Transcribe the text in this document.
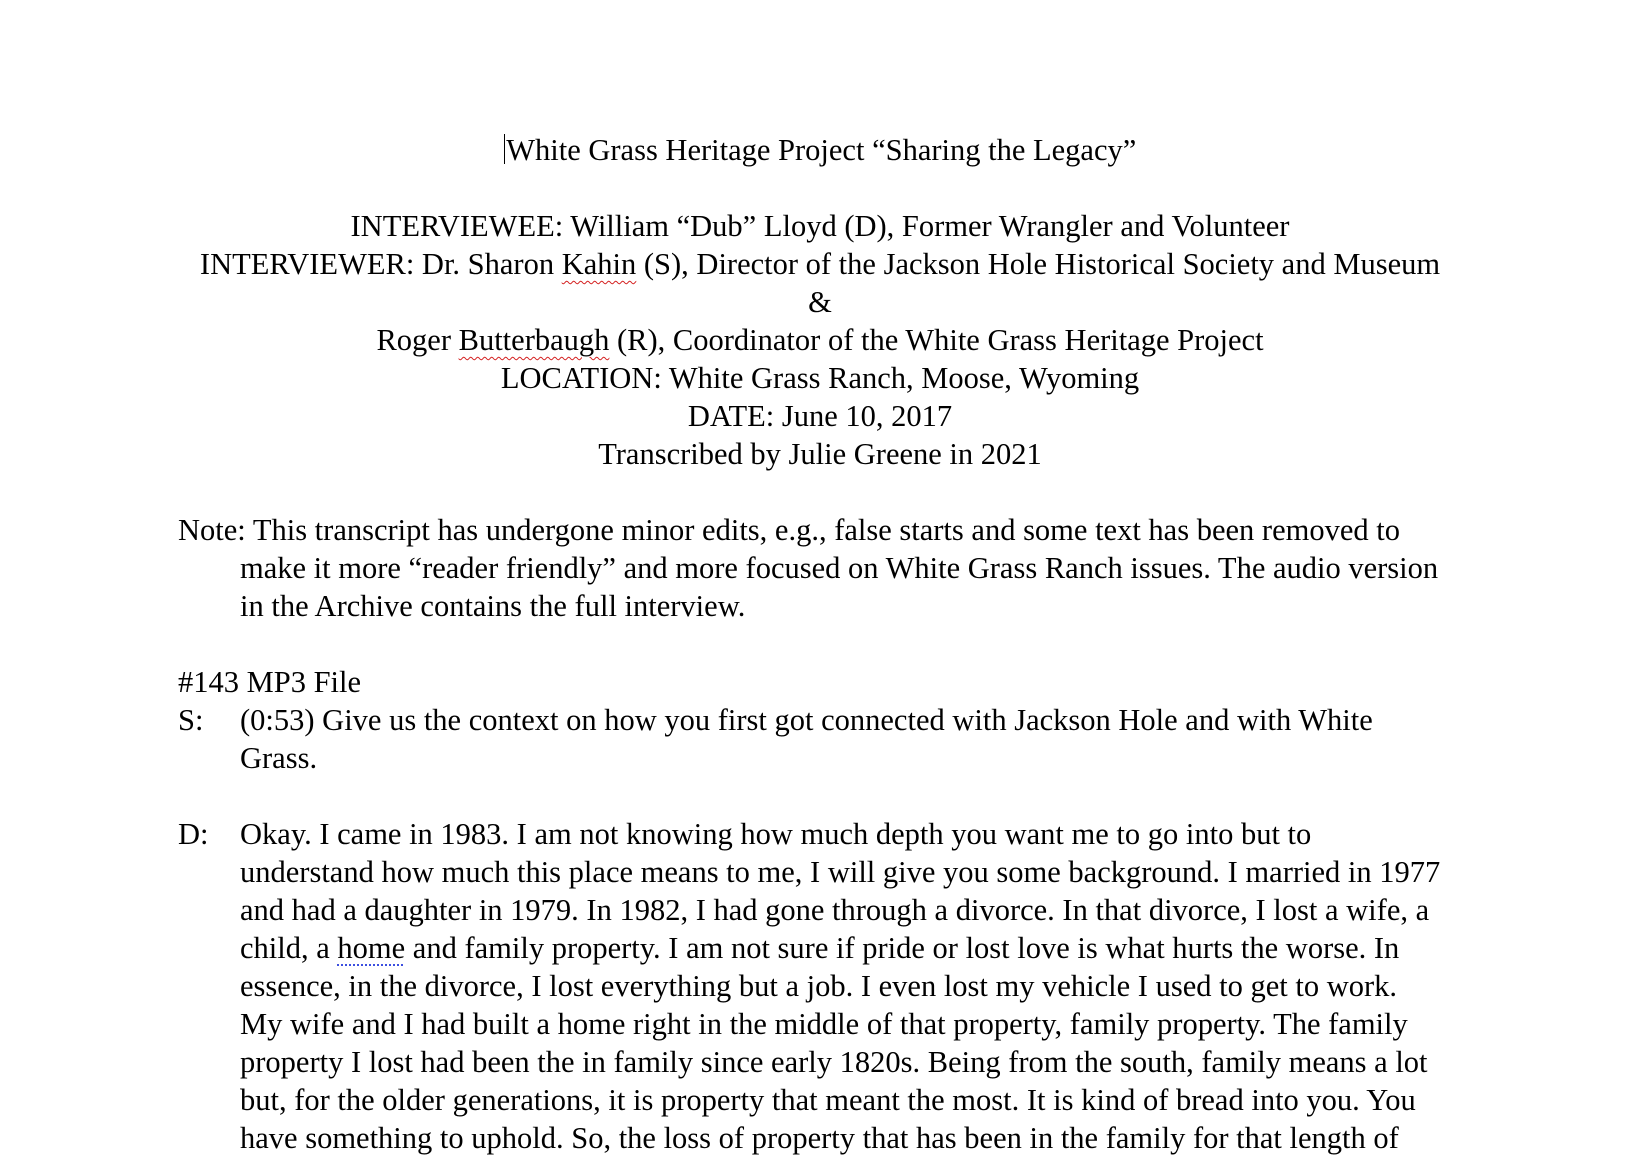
White Grass Heritage Project “Sharing the Legacy”
INTERVIEWEE: William “Dub” Lloyd (D), Former Wrangler and Volunteer
INTERVIEWER: Dr. Sharon Kahin (S), Director of the Jackson Hole Historical Society and Museum
&
Roger Butterbaugh (R), Coordinator of the White Grass Heritage Project
LOCATION: White Grass Ranch, Moose, Wyoming
DATE: June 10, 2017
Transcribed by Julie Greene in 2021
Note: This transcript has undergone minor edits, e.g., false starts and some text has been removed to
make it more “reader friendly” and more focused on White Grass Ranch issues. The audio version
in the Archive contains the full interview.
#143 MP3 File
S: (0:53) Give us the context on how you first got connected with Jackson Hole and with White
Grass.
D: Okay. I came in 1983. I am not knowing how much depth you want me to go into but to
understand how much this place means to me, I will give you some background. I married in 1977
and had a daughter in 1979. In 1982, I had gone through a divorce. In that divorce, I lost a wife, a
child, a home and family property. I am not sure if pride or lost love is what hurts the worse. In
essence, in the divorce, I lost everything but a job. I even lost my vehicle I used to get to work.
My wife and I had built a home right in the middle of that property, family property. The family
property I lost had been the in family since early 1820s. Being from the south, family means a lot
but, for the older generations, it is property that meant the most. It is kind of bread into you. You
have something to uphold. So, the loss of property that has been in the family for that length of
